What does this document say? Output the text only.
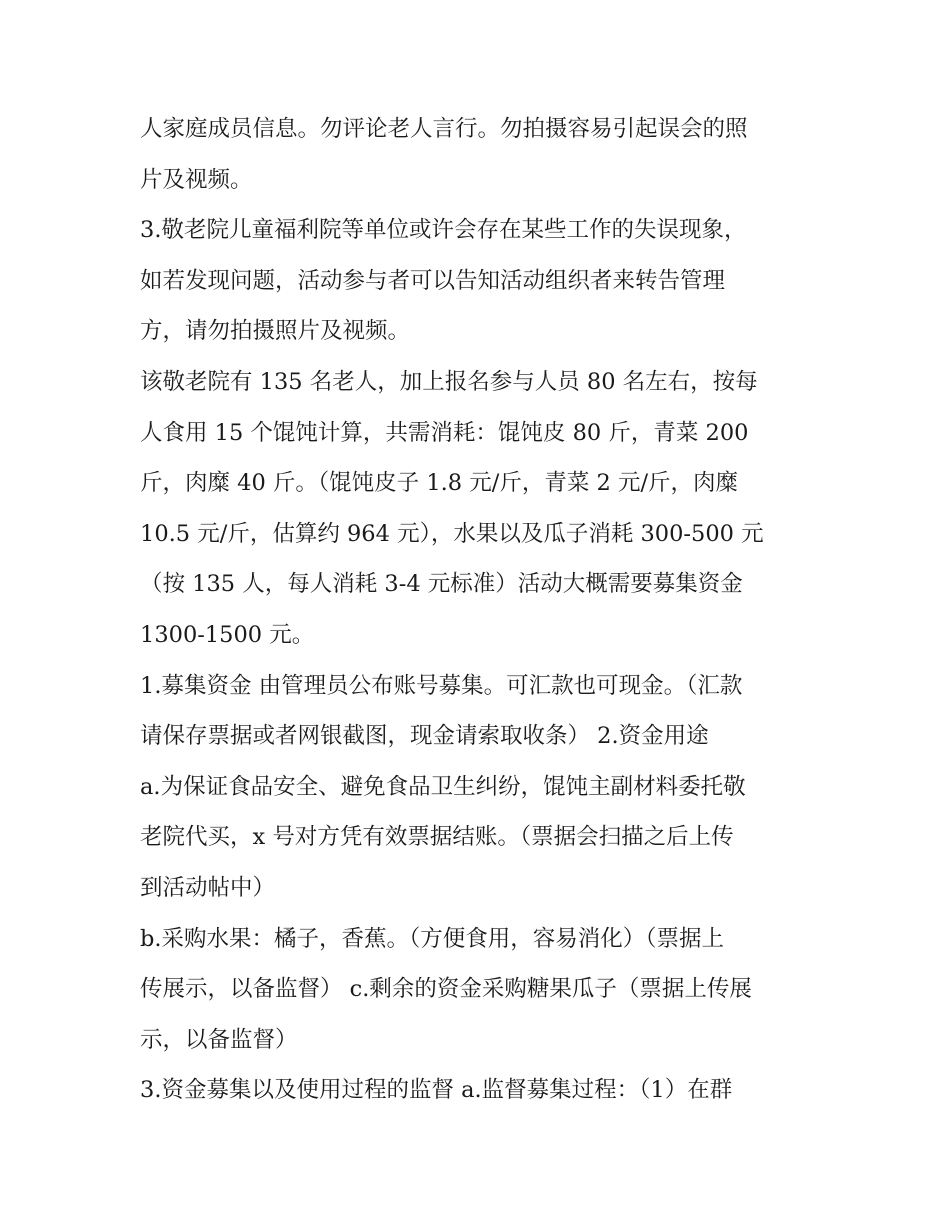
人家庭成员信息。勿评论老人言行。勿拍摄容易引起误会的照
片及视频。
3.敬老院儿童福利院等单位或许会存在某些工作的失误现象，
如若发现问题，活动参与者可以告知活动组织者来转告管理
方，请勿拍摄照片及视频。
该敬老院有 135 名老人，加上报名参与人员 80 名左右，按每
人食用 15 个馄饨计算，共需消耗：馄饨皮 80 斤，青菜 200
斤，肉糜 40 斤。（馄饨皮子 1.8 元/斤，青菜 2 元/斤，肉糜
10.5 元/斤，估算约 964 元），水果以及瓜子消耗 300-500 元
（按 135 人，每人消耗 3-4 元标准）活动大概需要募集资金
1300-1500 元。
1.募集资金 由管理员公布账号募集。可汇款也可现金。（汇款
请保存票据或者网银截图，现金请索取收条） 2.资金用途
a.为保证食品安全、避免食品卫生纠纷，馄饨主副材料委托敬
老院代买，x 号对方凭有效票据结账。（票据会扫描之后上传
到活动帖中）
b.采购水果：橘子，香蕉。（方便食用，容易消化）（票据上
传展示，以备监督） c.剩余的资金采购糖果瓜子（票据上传展
示，以备监督）
3.资金募集以及使用过程的监督 a.监督募集过程：（1）在群
